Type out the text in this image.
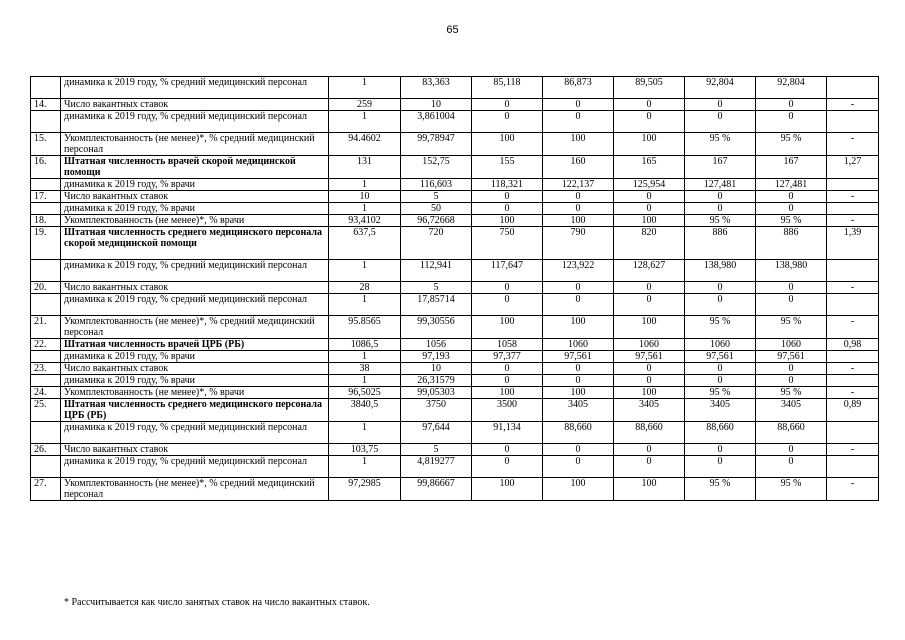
65
	динамика к 2019 году, % средний медицинский персонал	1	83,363	85,118	86,873	89,505	92,804	92,804	
14.	Число вакантных ставок	259	10	0	0	0	0	0	-
	динамика к 2019 году, % средний медицинский персонал	1	3,861004	0	0	0	0	0	
15.	Укомплектованность (не менее)*, % средний медицинский персонал	94.4602	99,78947	100	100	100	95 %	95 %	-
16.	Штатная численность врачей скорой медицинской помощи	131	152,75	155	160	165	167	167	1,27
	динамика к 2019 году, % врачи	1	116,603	118,321	122,137	125,954	127,481	127,481	
17.	Число вакантных ставок	10	5	0	0	0	0	0	-
	динамика к 2019 году, % врачи	1	50	0	0	0	0	0	
18.	Укомплектованность (не менее)*, % врачи	93,4102	96,72668	100	100	100	95 %	95 %	-
19.	Штатная численность среднего медицинского персонала скорой медицинской помощи	637,5	720	750	790	820	886	886	1,39
	динамика к 2019 году, % средний медицинский персонал	1	112,941	117,647	123,922	128,627	138,980	138,980	
20.	Число вакантных ставок	28	5	0	0	0	0	0	-
	динамика к 2019 году, % средний медицинский персонал	1	17,85714	0	0	0	0	0	
21.	Укомплектованность (не менее)*, % средний медицинский персонал	95.8565	99,30556	100	100	100	95 %	95 %	-
22.	Штатная численность врачей ЦРБ (РБ)	1086,5	1056	1058	1060	1060	1060	1060	0,98
	динамика к 2019 году, % врачи	1	97,193	97,377	97,561	97,561	97,561	97,561	
23.	Число вакантных ставок	38	10	0	0	0	0	0	-
	динамика к 2019 году, % врачи	1	26,31579	0	0	0	0	0	
24.	Укомплектованность (не менее)*, % врачи	96,5025	99,05303	100	100	100	95 %	95 %	-
25.	Штатная численность среднего медицинского персонала ЦРБ (РБ)	3840,5	3750	3500	3405	3405	3405	3405	0,89
	динамика к 2019 году, % средний медицинский персонал	1	97,644	91,134	88,660	88,660	88,660	88,660	
26.	Число вакантных ставок	103,75	5	0	0	0	0	0	-
	динамика к 2019 году, % средний медицинский персонал	1	4,819277	0	0	0	0	0	
27.	Укомплектованность (не менее)*, % средний медицинский персонал	97,2985	99,86667	100	100	100	95 %	95 %	-
* Рассчитывается как число занятых ставок на число вакантных ставок.
